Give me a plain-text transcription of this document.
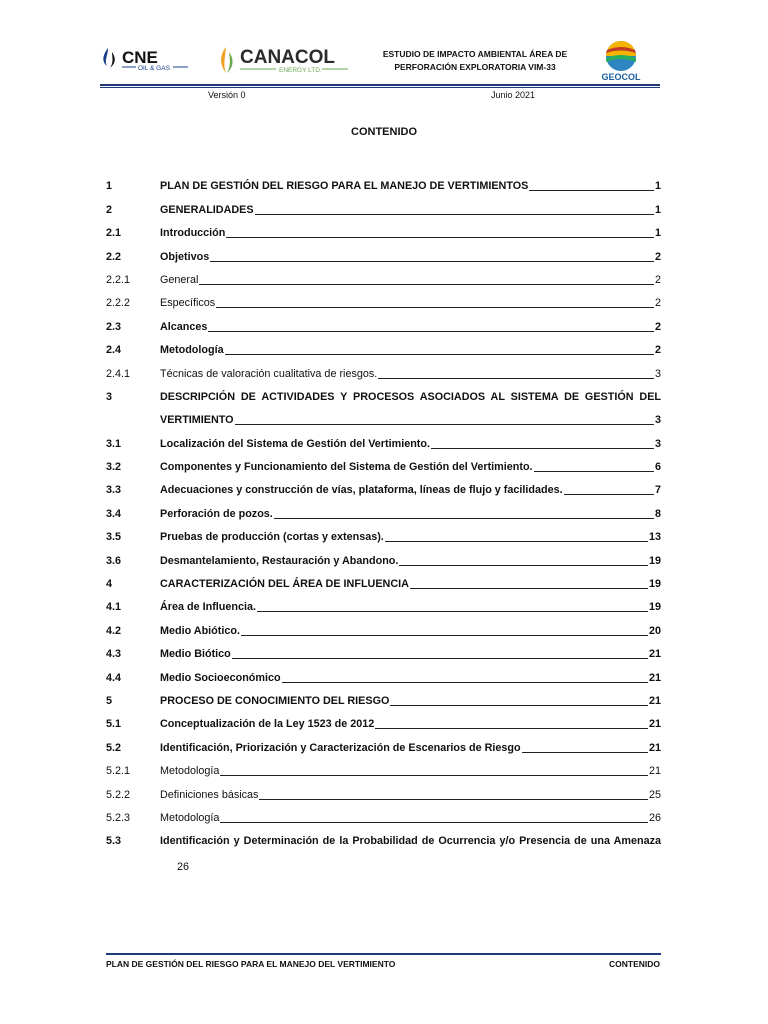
CNE
OIL & GAS
CANACOL
ENERGY LTD.
ESTUDIO DE IMPACTO AMBIENTAL ÁREA DE
PERFORACIÓN EXPLORATORIA VIM-33
GEOCOL
Versión 0	Junio 2021
CONTENIDO
1	PLAN DE GESTIÓN DEL RIESGO PARA EL MANEJO DE VERTIMIENTOS	1
2	GENERALIDADES	1
2.1	Introducción	1
2.2	Objetivos	2
2.2.1	General	2
2.2.2	Específicos	2
2.3	Alcances	2
2.4	Metodología	2
2.4.1	Técnicas de valoración cualitativa de riesgos.	3
3	DESCRIPCIÓN DE ACTIVIDADES Y PROCESOS ASOCIADOS AL SISTEMA DE GESTIÓN DEL
VERTIMIENTO	3
3.1	Localización del Sistema de Gestión del Vertimiento.	3
3.2	Componentes y Funcionamiento del Sistema de Gestión del Vertimiento.	6
3.3	Adecuaciones y construcción de vías, plataforma, líneas de flujo y facilidades.	7
3.4	Perforación de pozos.	8
3.5	Pruebas de producción (cortas y extensas).	13
3.6	Desmantelamiento, Restauración y Abandono.	19
4	CARACTERIZACIÓN DEL ÁREA DE INFLUENCIA	19
4.1	Área de Influencia.	19
4.2	Medio Abiótico.	20
4.3	Medio Biótico	21
4.4	Medio Socioeconómico	21
5	PROCESO DE CONOCIMIENTO DEL RIESGO	21
5.1	Conceptualización de la Ley 1523 de 2012	21
5.2	Identificación, Priorización y Caracterización de Escenarios de Riesgo	21
5.2.1	Metodología	21
5.2.2	Definiciones básicas	25
5.2.3	Metodología	26
5.3	Identificación y Determinación de la Probabilidad de Ocurrencia y/o Presencia de una Amenaza
26
PLAN DE GESTIÓN DEL RIESGO PARA EL MANEJO DEL VERTIMIENTO	CONTENIDO
